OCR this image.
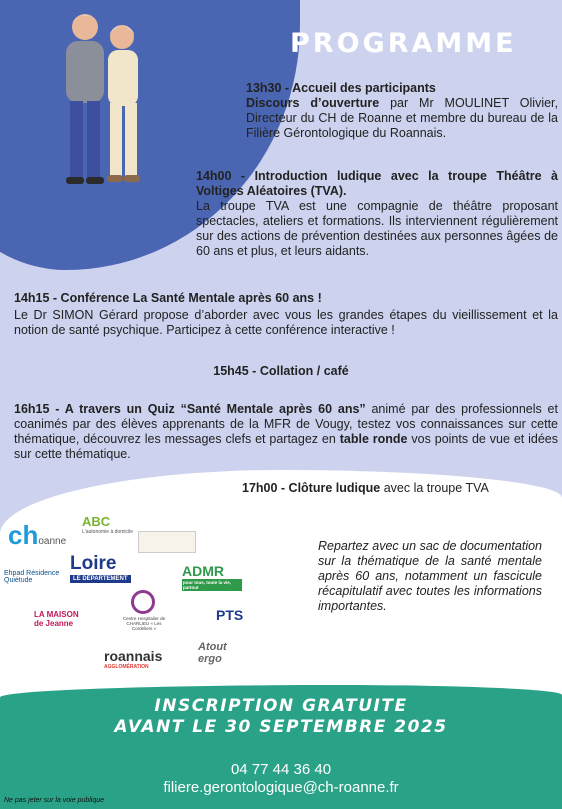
PROGRAMME
13h30 - Accueil des participants
Discours d’ouverture par Mr MOULINET Olivier, Directeur du CH de Roanne et membre du bureau de la Filière Gérontologique du Roannais.
14h00 - Introduction ludique avec la troupe Théâtre à Voltiges Aléatoires (TVA).
La troupe TVA est une compagnie de théâtre proposant spectacles, ateliers et formations. Ils interviennent régulièrement sur des actions de prévention destinées aux personnes âgées de 60 ans et plus, et leurs aidants.
14h15 - Conférence La Santé Mentale après 60 ans !
Le Dr SIMON Gérard propose d’aborder avec vous les grandes étapes du vieillissement et la notion de santé psychique. Participez à cette conférence interactive !
15h45 - Collation / café
16h15 - A travers un Quiz “Santé Mentale après 60 ans” animé par des professionnels et coanimés par des élèves apprenants de la MFR de Vougy, testez vos connaissances sur cette thématique, découvrez les messages clefs et partagez en table ronde vos points de vue et idées sur cette thématique.
17h00 - Clôture ludique avec la troupe TVA
Repartez avec un sac de documentation sur la thématique de la santé mentale après 60 ans, notamment un fascicule récapitulatif avec toutes les informations importantes.
choanne
ABC
L'autonomie à domicile
Loire
LE DÉPARTEMENT
Ehpad Résidence Quiétude
ADMR
pour tous, toute la vie, partout
Centre Hospitalier de CHARLIEU « Les Cordeliers »
LA MAISON de Jeanne
PTS
roannais
AGGLOMÉRATION
Atout ergo
INSCRIPTION GRATUITE
AVANT LE 30 SEPTEMBRE 2025
04 77 44 36 40
filiere.gerontologique@ch-roanne.fr
Ne pas jeter sur la voie publique
